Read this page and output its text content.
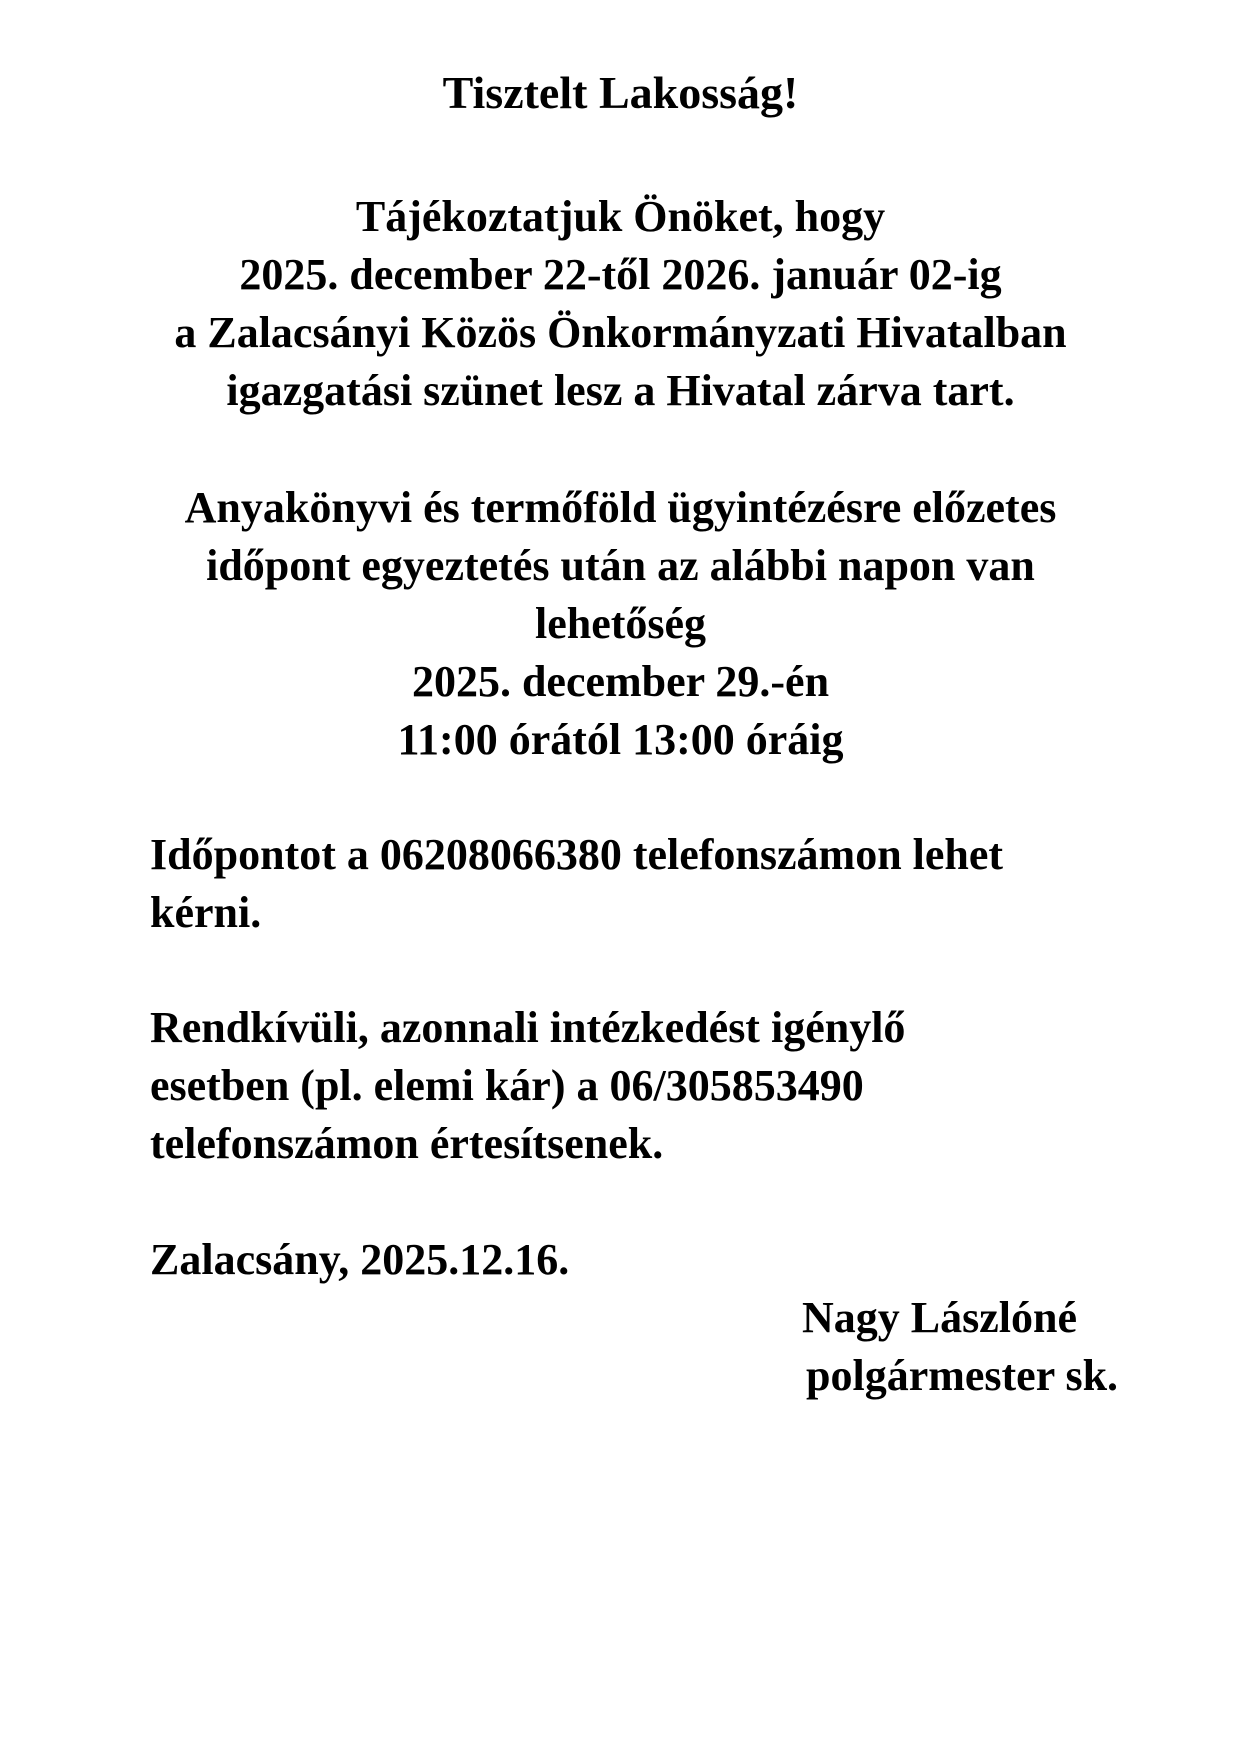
Tisztelt Lakosság!

Tájékoztatjuk Önöket, hogy

2025. december 22-től 2026. január 02-ig

a Zalacsányi Közös Önkormányzati Hivatalban

igazgatási szünet lesz a Hivatal zárva tart.

Anyakönyvi és termőföld ügyintézésre előzetes

időpont egyeztetés után az alábbi napon van

lehetőség

2025. december 29.-én

11:00 órától 13:00 óráig

Időpontot a 06208066380 telefonszámon lehet

kérni.

Rendkívüli, azonnali intézkedést igénylő

esetben (pl. elemi kár) a 06/305853490

telefonszámon értesítsenek.

Zalacsány, 2025.12.16.

Nagy Lászlóné

polgármester sk.
